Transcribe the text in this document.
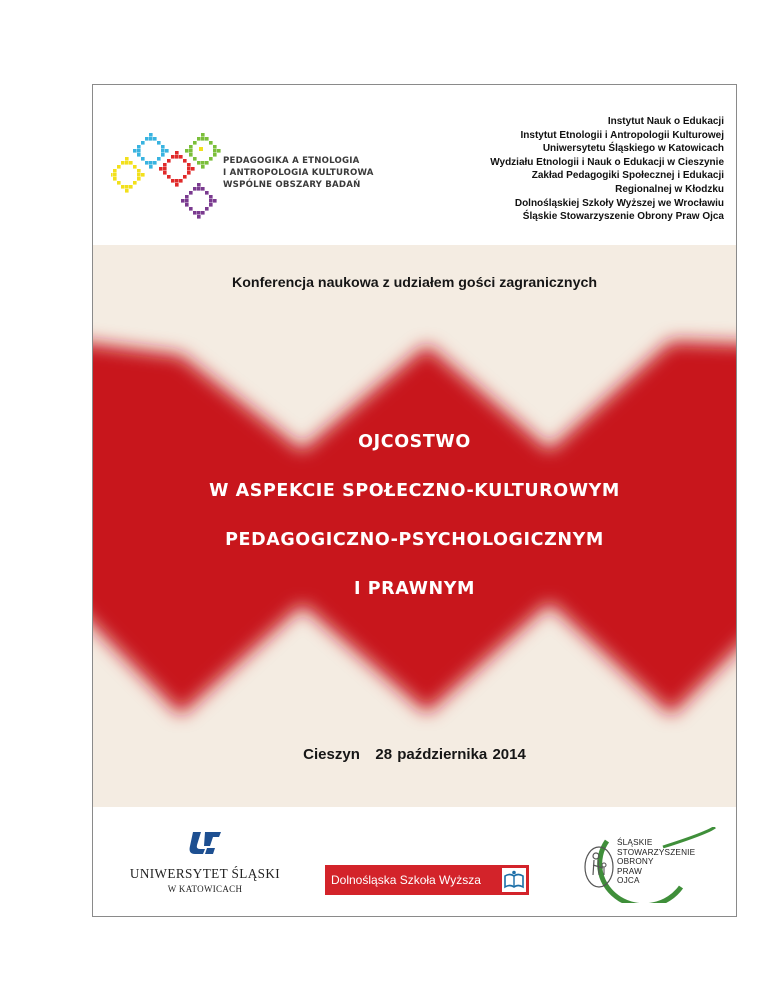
PEDAGOGIKA A ETNOLOGIA
I ANTROPOLOGIA KULTUROWA
WSPÓLNE OBSZARY BADAŃ
Instytut Nauk o Edukacji
Instytut Etnologii i Antropologii Kulturowej
Uniwersytetu Śląskiego w Katowicach
Wydziału Etnologii i Nauk o Edukacji w Cieszynie
Zakład Pedagogiki Społecznej i Edukacji
Regionalnej w Kłodzku
Dolnośląskiej Szkoły Wyższej we Wrocławiu
Śląskie Stowarzyszenie Obrony Praw Ojca
Konferencja naukowa z udziałem gości zagranicznych
OJCOSTWO
W ASPEKCIE SPOŁECZNO-KULTUROWYM
PEDAGOGICZNO-PSYCHOLOGICZNYM
I PRAWNYM
Cieszyn 28 października 2014
UNIWERSYTET ŚLĄSKI
W KATOWICACH
Dolnośląska Szkoła Wyższa
ŚLĄSKIE
STOWARZYSZENIE
OBRONY
PRAW
OJCA
